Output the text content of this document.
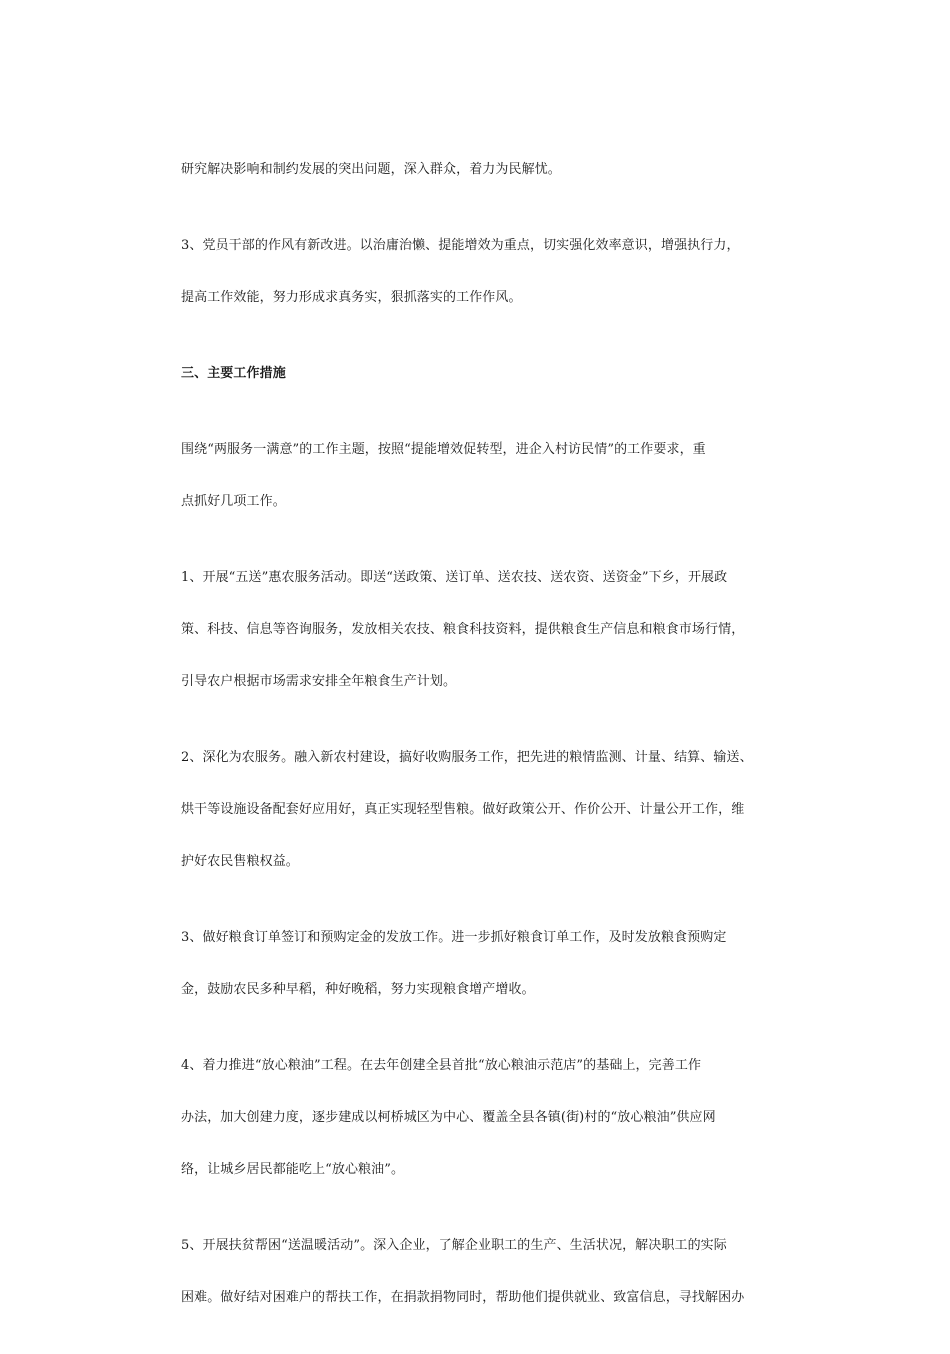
研究解决影响和制约发展的突出问题，深入群众，着力为民解忧。
3、党员干部的作风有新改进。以治庸治懒、提能增效为重点，切实强化效率意识，增强执行力，
提高工作效能，努力形成求真务实，狠抓落实的工作作风。
三、主要工作措施
围绕“两服务一满意”的工作主题，按照“提能增效促转型，进企入村访民情”的工作要求，重
点抓好几项工作。
1、开展“五送”惠农服务活动。即送“送政策、送订单、送农技、送农资、送资金”下乡，开展政
策、科技、信息等咨询服务，发放相关农技、粮食科技资料，提供粮食生产信息和粮食市场行情，
引导农户根据市场需求安排全年粮食生产计划。
2、深化为农服务。融入新农村建设，搞好收购服务工作，把先进的粮情监测、计量、结算、输送、
烘干等设施设备配套好应用好，真正实现轻型售粮。做好政策公开、作价公开、计量公开工作，维
护好农民售粮权益。
3、做好粮食订单签订和预购定金的发放工作。进一步抓好粮食订单工作，及时发放粮食预购定
金，鼓励农民多种早稻，种好晚稻，努力实现粮食增产增收。
4、着力推进“放心粮油”工程。在去年创建全县首批“放心粮油示范店”的基础上，完善工作
办法，加大创建力度，逐步建成以柯桥城区为中心、覆盖全县各镇(街)村的“放心粮油”供应网
络，让城乡居民都能吃上“放心粮油”。
5、开展扶贫帮困“送温暖活动”。深入企业，了解企业职工的生产、生活状况，解决职工的实际
困难。做好结对困难户的帮扶工作，在捐款捐物同时，帮助他们提供就业、致富信息，寻找解困办
